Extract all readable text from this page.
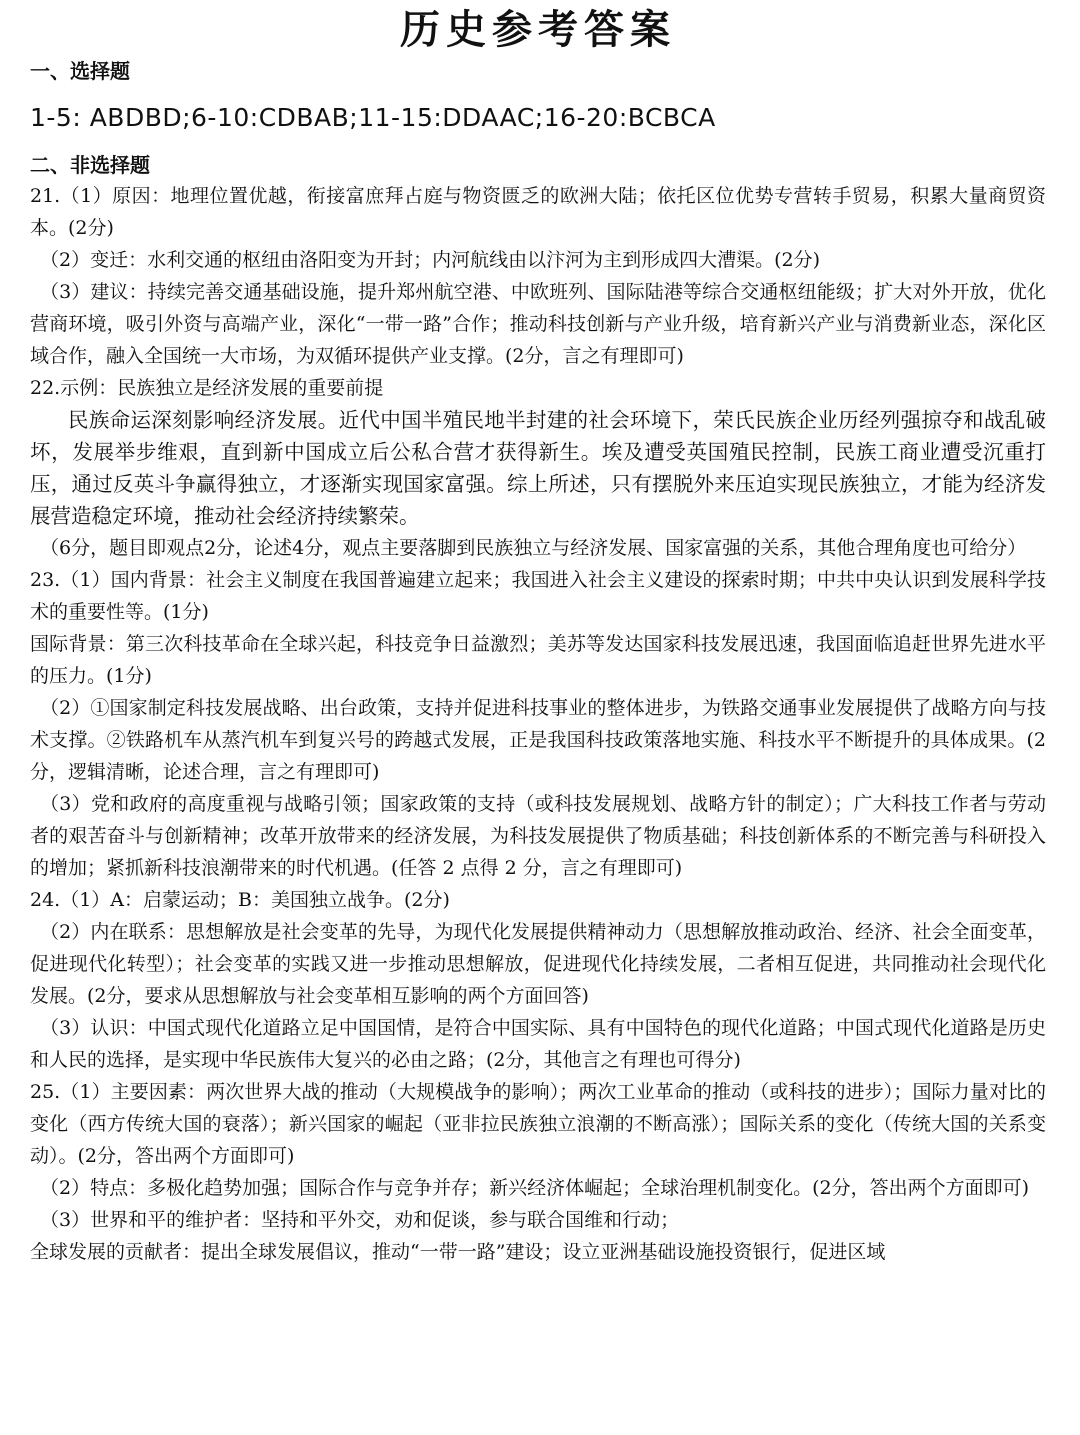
历史参考答案

一、选择题

1-5: ABDBD;6-10:CDBAB;11-15:DDAAC;16-20:BCBCA

二、非选择题

21.（1）原因：地理位置优越，衔接富庶拜占庭与物资匮乏的欧洲大陆；依托区位优势专营转手贸易，积累大量商贸资本。(2分)

（2）变迁：水利交通的枢纽由洛阳变为开封；内河航线由以汴河为主到形成四大漕渠。(2分)

（3）建议：持续完善交通基础设施，提升郑州航空港、中欧班列、国际陆港等综合交通枢纽能级；扩大对外开放，优化营商环境，吸引外资与高端产业，深化“一带一路”合作；推动科技创新与产业升级，培育新兴产业与消费新业态，深化区域合作，融入全国统一大市场，为双循环提供产业支撑。(2分，言之有理即可)

22.示例：民族独立是经济发展的重要前提

民族命运深刻影响经济发展。近代中国半殖民地半封建的社会环境下，荣氏民族企业历经列强掠夺和战乱破坏，发展举步维艰，直到新中国成立后公私合营才获得新生。埃及遭受英国殖民控制，民族工商业遭受沉重打压，通过反英斗争赢得独立，才逐渐实现国家富强。综上所述，只有摆脱外来压迫实现民族独立，才能为经济发展营造稳定环境，推动社会经济持续繁荣。

（6分，题目即观点2分，论述4分，观点主要落脚到民族独立与经济发展、国家富强的关系，其他合理角度也可给分）

23.（1）国内背景：社会主义制度在我国普遍建立起来；我国进入社会主义建设的探索时期；中共中央认识到发展科学技术的重要性等。(1分)

国际背景：第三次科技革命在全球兴起，科技竞争日益激烈；美苏等发达国家科技发展迅速，我国面临追赶世界先进水平的压力。(1分)

（2）①国家制定科技发展战略、出台政策，支持并促进科技事业的整体进步，为铁路交通事业发展提供了战略方向与技术支撑。②铁路机车从蒸汽机车到复兴号的跨越式发展，正是我国科技政策落地实施、科技水平不断提升的具体成果。(2分，逻辑清晰，论述合理，言之有理即可)

（3）党和政府的高度重视与战略引领；国家政策的支持（或科技发展规划、战略方针的制定）；广大科技工作者与劳动者的艰苦奋斗与创新精神；改革开放带来的经济发展，为科技发展提供了物质基础；科技创新体系的不断完善与科研投入的增加；紧抓新科技浪潮带来的时代机遇。(任答 2 点得 2 分，言之有理即可)

24.（1）A：启蒙运动；B：美国独立战争。(2分)

（2）内在联系：思想解放是社会变革的先导，为现代化发展提供精神动力（思想解放推动政治、经济、社会全面变革，促进现代化转型）；社会变革的实践又进一步推动思想解放，促进现代化持续发展，二者相互促进，共同推动社会现代化发展。(2分，要求从思想解放与社会变革相互影响的两个方面回答)

（3）认识：中国式现代化道路立足中国国情，是符合中国实际、具有中国特色的现代化道路；中国式现代化道路是历史和人民的选择，是实现中华民族伟大复兴的必由之路；(2分，其他言之有理也可得分)

25.（1）主要因素：两次世界大战的推动（大规模战争的影响）；两次工业革命的推动（或科技的进步）；国际力量对比的变化（西方传统大国的衰落）；新兴国家的崛起（亚非拉民族独立浪潮的不断高涨）；国际关系的变化（传统大国的关系变动）。(2分，答出两个方面即可)

（2）特点：多极化趋势加强；国际合作与竞争并存；新兴经济体崛起；全球治理机制变化。(2分，答出两个方面即可)

（3）世界和平的维护者：坚持和平外交，劝和促谈，参与联合国维和行动；

全球发展的贡献者：提出全球发展倡议，推动“一带一路”建设；设立亚洲基础设施投资银行，促进区域
